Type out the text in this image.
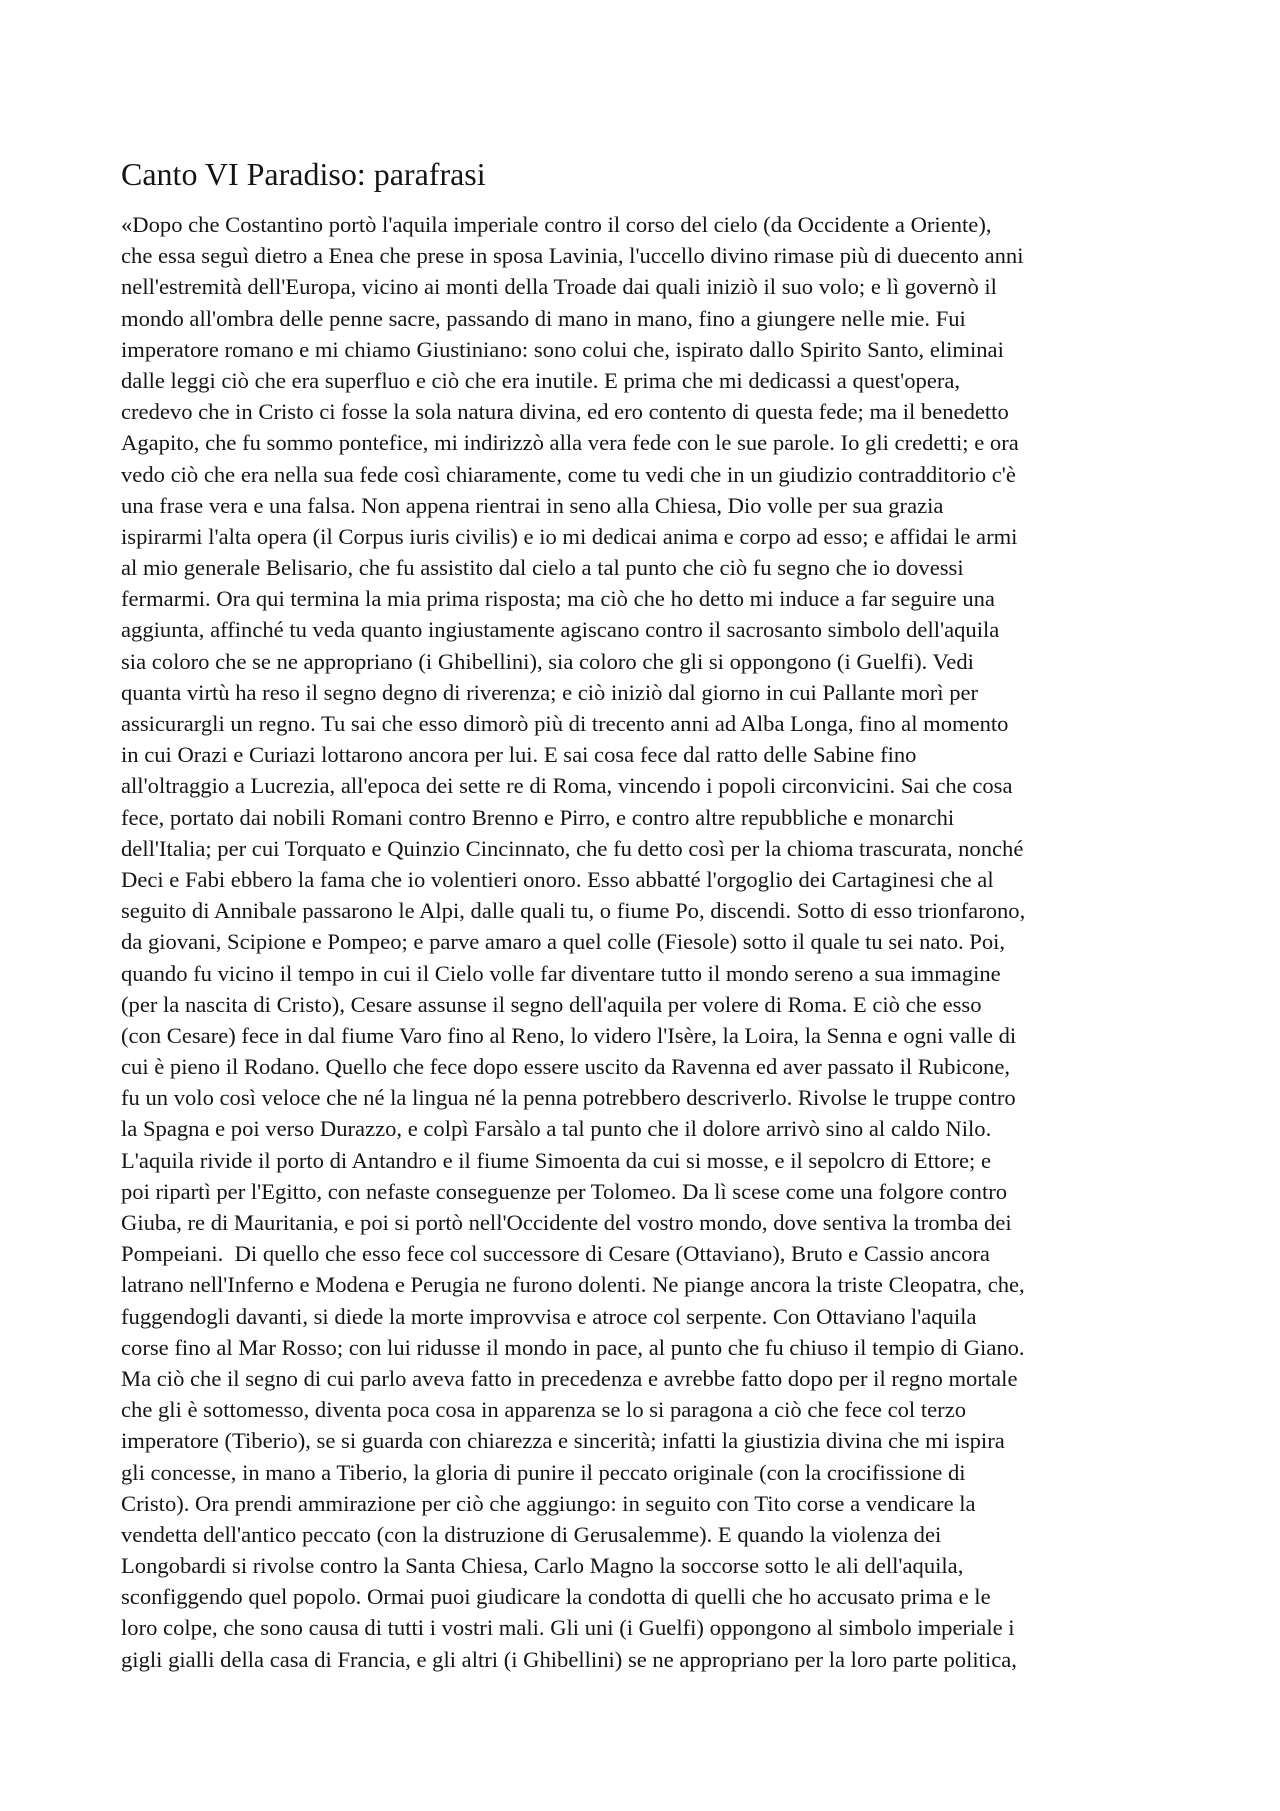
Canto VI Paradiso: parafrasi
«Dopo che Costantino portò l'aquila imperiale contro il corso del cielo (da Occidente a Oriente),
che essa seguì dietro a Enea che prese in sposa Lavinia, l'uccello divino rimase più di duecento anni
nell'estremità dell'Europa, vicino ai monti della Troade dai quali iniziò il suo volo; e lì governò il
mondo all'ombra delle penne sacre, passando di mano in mano, fino a giungere nelle mie. Fui
imperatore romano e mi chiamo Giustiniano: sono colui che, ispirato dallo Spirito Santo, eliminai
dalle leggi ciò che era superfluo e ciò che era inutile. E prima che mi dedicassi a quest'opera,
credevo che in Cristo ci fosse la sola natura divina, ed ero contento di questa fede; ma il benedetto
Agapito, che fu sommo pontefice, mi indirizzò alla vera fede con le sue parole. Io gli credetti; e ora
vedo ciò che era nella sua fede così chiaramente, come tu vedi che in un giudizio contradditorio c'è
una frase vera e una falsa. Non appena rientrai in seno alla Chiesa, Dio volle per sua grazia
ispirarmi l'alta opera (il Corpus iuris civilis) e io mi dedicai anima e corpo ad esso; e affidai le armi
al mio generale Belisario, che fu assistito dal cielo a tal punto che ciò fu segno che io dovessi
fermarmi. Ora qui termina la mia prima risposta; ma ciò che ho detto mi induce a far seguire una
aggiunta, affinché tu veda quanto ingiustamente agiscano contro il sacrosanto simbolo dell'aquila
sia coloro che se ne appropriano (i Ghibellini), sia coloro che gli si oppongono (i Guelfi). Vedi
quanta virtù ha reso il segno degno di riverenza; e ciò iniziò dal giorno in cui Pallante morì per
assicurargli un regno. Tu sai che esso dimorò più di trecento anni ad Alba Longa, fino al momento
in cui Orazi e Curiazi lottarono ancora per lui. E sai cosa fece dal ratto delle Sabine fino
all'oltraggio a Lucrezia, all'epoca dei sette re di Roma, vincendo i popoli circonvicini. Sai che cosa
fece, portato dai nobili Romani contro Brenno e Pirro, e contro altre repubbliche e monarchi
dell'Italia; per cui Torquato e Quinzio Cincinnato, che fu detto così per la chioma trascurata, nonché
Deci e Fabi ebbero la fama che io volentieri onoro. Esso abbatté l'orgoglio dei Cartaginesi che al
seguito di Annibale passarono le Alpi, dalle quali tu, o fiume Po, discendi. Sotto di esso trionfarono,
da giovani, Scipione e Pompeo; e parve amaro a quel colle (Fiesole) sotto il quale tu sei nato. Poi,
quando fu vicino il tempo in cui il Cielo volle far diventare tutto il mondo sereno a sua immagine
(per la nascita di Cristo), Cesare assunse il segno dell'aquila per volere di Roma. E ciò che esso
(con Cesare) fece in dal fiume Varo fino al Reno, lo videro l'Isère, la Loira, la Senna e ogni valle di
cui è pieno il Rodano. Quello che fece dopo essere uscito da Ravenna ed aver passato il Rubicone,
fu un volo così veloce che né la lingua né la penna potrebbero descriverlo. Rivolse le truppe contro
la Spagna e poi verso Durazzo, e colpì Farsàlo a tal punto che il dolore arrivò sino al caldo Nilo.
L'aquila rivide il porto di Antandro e il fiume Simoenta da cui si mosse, e il sepolcro di Ettore; e
poi ripartì per l'Egitto, con nefaste conseguenze per Tolomeo. Da lì scese come una folgore contro
Giuba, re di Mauritania, e poi si portò nell'Occidente del vostro mondo, dove sentiva la tromba dei
Pompeiani.  Di quello che esso fece col successore di Cesare (Ottaviano), Bruto e Cassio ancora
latrano nell'Inferno e Modena e Perugia ne furono dolenti. Ne piange ancora la triste Cleopatra, che,
fuggendogli davanti, si diede la morte improvvisa e atroce col serpente. Con Ottaviano l'aquila
corse fino al Mar Rosso; con lui ridusse il mondo in pace, al punto che fu chiuso il tempio di Giano.
Ma ciò che il segno di cui parlo aveva fatto in precedenza e avrebbe fatto dopo per il regno mortale
che gli è sottomesso, diventa poca cosa in apparenza se lo si paragona a ciò che fece col terzo
imperatore (Tiberio), se si guarda con chiarezza e sincerità; infatti la giustizia divina che mi ispira
gli concesse, in mano a Tiberio, la gloria di punire il peccato originale (con la crocifissione di
Cristo). Ora prendi ammirazione per ciò che aggiungo: in seguito con Tito corse a vendicare la
vendetta dell'antico peccato (con la distruzione di Gerusalemme). E quando la violenza dei
Longobardi si rivolse contro la Santa Chiesa, Carlo Magno la soccorse sotto le ali dell'aquila,
sconfiggendo quel popolo. Ormai puoi giudicare la condotta di quelli che ho accusato prima e le
loro colpe, che sono causa di tutti i vostri mali. Gli uni (i Guelfi) oppongono al simbolo imperiale i
gigli gialli della casa di Francia, e gli altri (i Ghibellini) se ne appropriano per la loro parte politica,
